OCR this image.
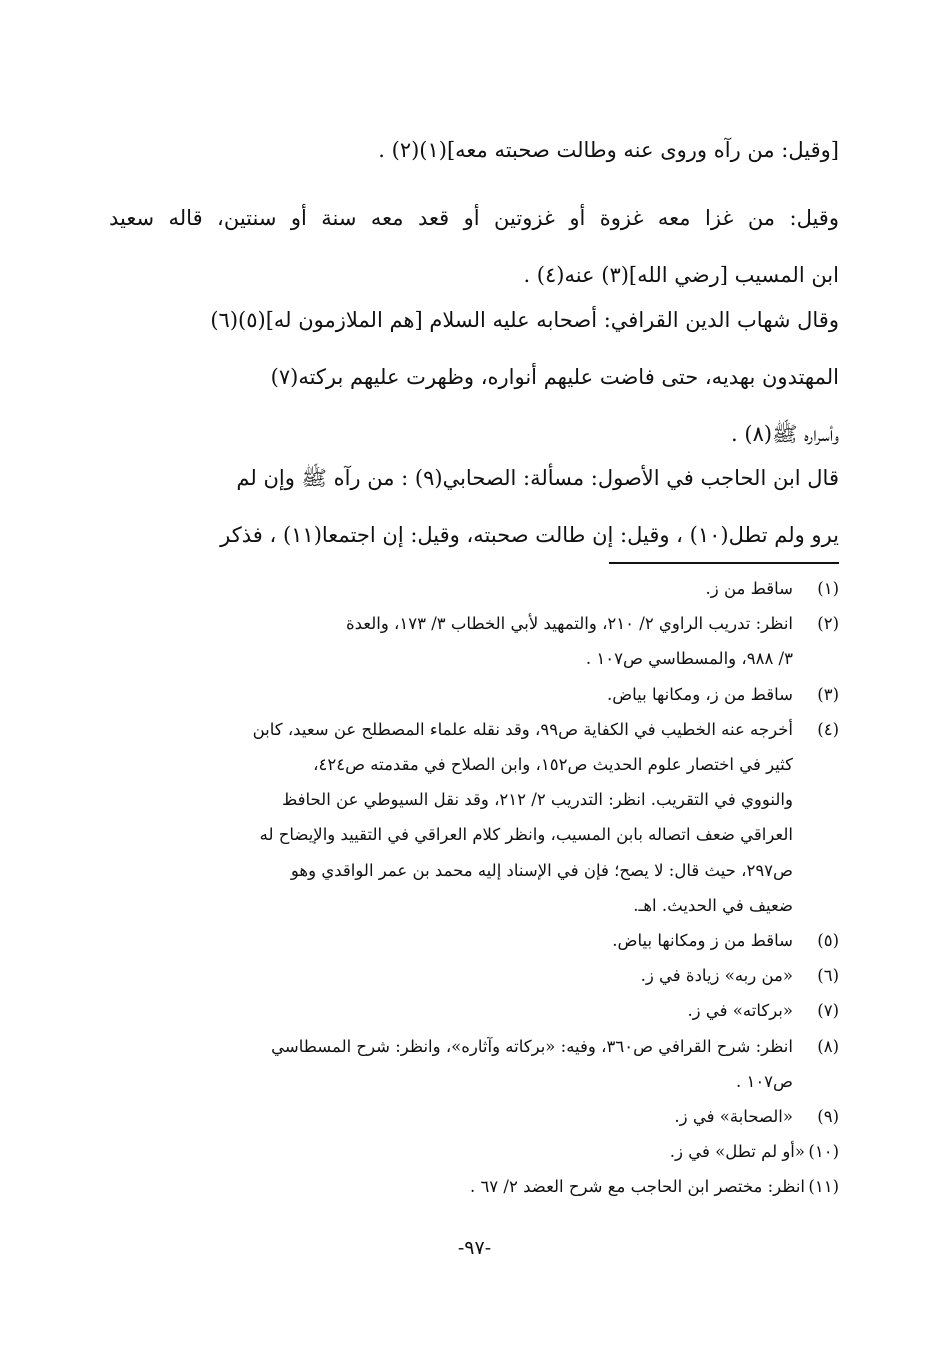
[وقيل: من رآه وروى عنه وطالت صحبته معه](١)(٢) .
وقيل: من غزا معه غزوة أو غزوتين أو قعد معه سنة أو سنتين، قاله سعيد
ابن المسيب [رضي الله](٣) عنه(٤) .
وقال شهاب الدين القرافي: أصحابه عليه السلام [هم الملازمون له](٥)(٦)
المهتدون بهديه، حتى فاضت عليهم أنواره، وظهرت عليهم بركته(٧)
وأسراره ﷺ(٨) .
قال ابن الحاجب في الأصول: مسألة: الصحابي(٩) : من رآه ﷺ وإن لم
يرو ولم تطل(١٠) ، وقيل: إن طالت صحبته، وقيل: إن اجتمعا(١١) ، فذكر
(١)
ساقط من ز.
(٢)
انظر: تدريب الراوي ٢/ ٢١٠، والتمهيد لأبي الخطاب ٣/ ١٧٣، والعدة
٣/ ٩٨٨، والمسطاسي ص١٠٧ .
(٣)
ساقط من ز، ومكانها بياض.
(٤)
أخرجه عنه الخطيب في الكفاية ص٩٩، وقد نقله علماء المصطلح عن سعيد، كابن
كثير في اختصار علوم الحديث ص١٥٢، وابن الصلاح في مقدمته ص٤٢٤،
والنووي في التقريب. انظر: التدريب ٢/ ٢١٢، وقد نقل السيوطي عن الحافظ
العراقي ضعف اتصاله بابن المسيب، وانظر كلام العراقي في التقييد والإيضاح له
ص٢٩٧، حيث قال: لا يصح؛ فإن في الإسناد إليه محمد بن عمر الواقدي وهو
ضعيف في الحديث. اهـ.
(٥)
ساقط من ز ومكانها بياض.
(٦)
«من ربه» زيادة في ز.
(٧)
«بركاته» في ز.
(٨)
انظر: شرح القرافي ص٣٦٠، وفيه: «بركاته وآثاره»، وانظر: شرح المسطاسي
ص١٠٧ .
(٩)
«الصحابة» في ز.
(١٠)
«أو لم تطل» في ز.
(١١)
انظر: مختصر ابن الحاجب مع شرح العضد ٢/ ٦٧ .
-٩٧-
